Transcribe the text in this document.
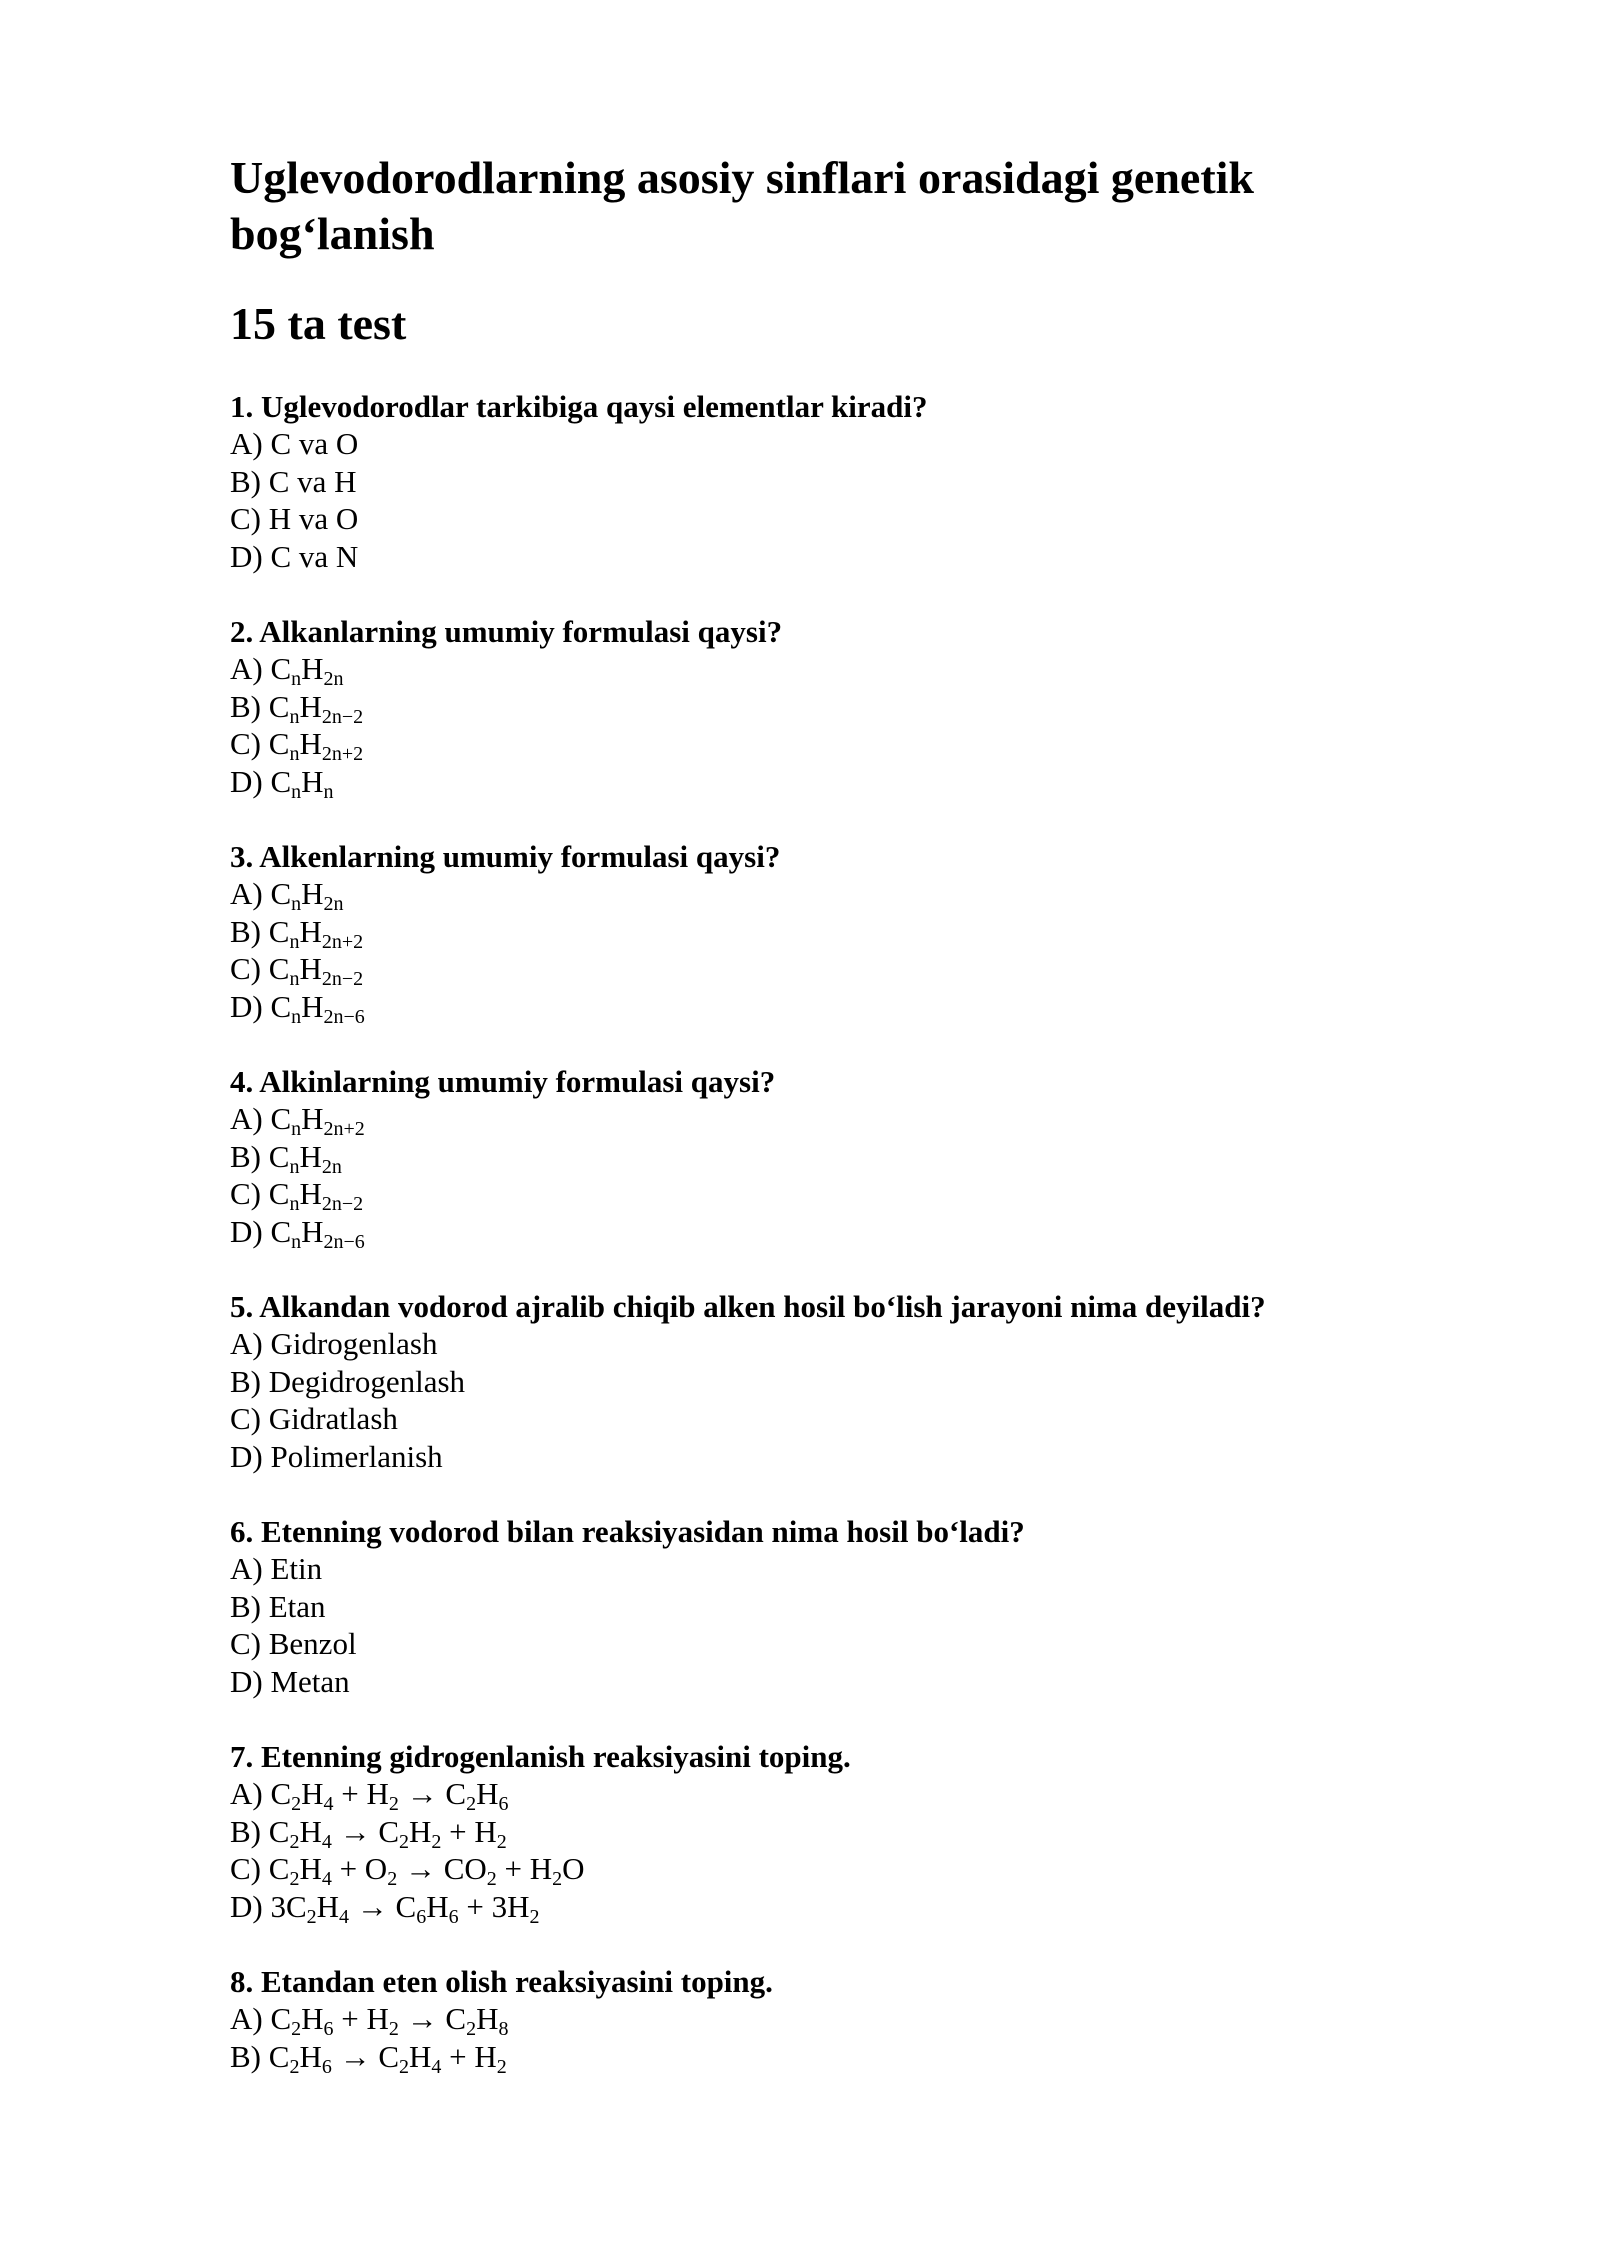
Uglevodorodlarning asosiy sinflari orasidagi genetik bog‘lanish
15 ta test
1. Uglevodorodlar tarkibiga qaysi elementlar kiradi?
A) C va O
B) C va H
C) H va O
D) C va N
2. Alkanlarning umumiy formulasi qaysi?
A) $C_nH_{2n}$
B) $C_nH_{2n-2}$
C) $C_nH_{2n+2}$
D) $C_nH_n$
3. Alkenlarning umumiy formulasi qaysi?
A) $C_nH_{2n}$
B) $C_nH_{2n+2}$
C) $C_nH_{2n-2}$
D) $C_nH_{2n-6}$
4. Alkinlarning umumiy formulasi qaysi?
A) $C_nH_{2n+2}$
B) $C_nH_{2n}$
C) $C_nH_{2n-2}$
D) $C_nH_{2n-6}$
5. Alkandan vodorod ajralib chiqib alken hosil bo‘lish jarayoni nima deyiladi?
A) Gidrogenlash
B) Degidrogenlash
C) Gidratlash
D) Polimerlanish
6. Etenning vodorod bilan reaksiyasidan nima hosil bo‘ladi?
A) Etin
B) Etan
C) Benzol
D) Metan
7. Etenning gidrogenlanish reaksiyasini toping.
A) $C_2H_4 + H_2 \to C_2H_6$
B) $C_2H_4 \to C_2H_2 + H_2$
C) $C_2H_4 + O_2 \to CO_2 + H_2O$
D) $3C_2H_4 \to C_6H_6 + 3H_2$
8. Etandan eten olish reaksiyasini toping.
A) $C_2H_6 + H_2 \to C_2H_8$
B) $C_2H_6 \to C_2H_4 + H_2$
